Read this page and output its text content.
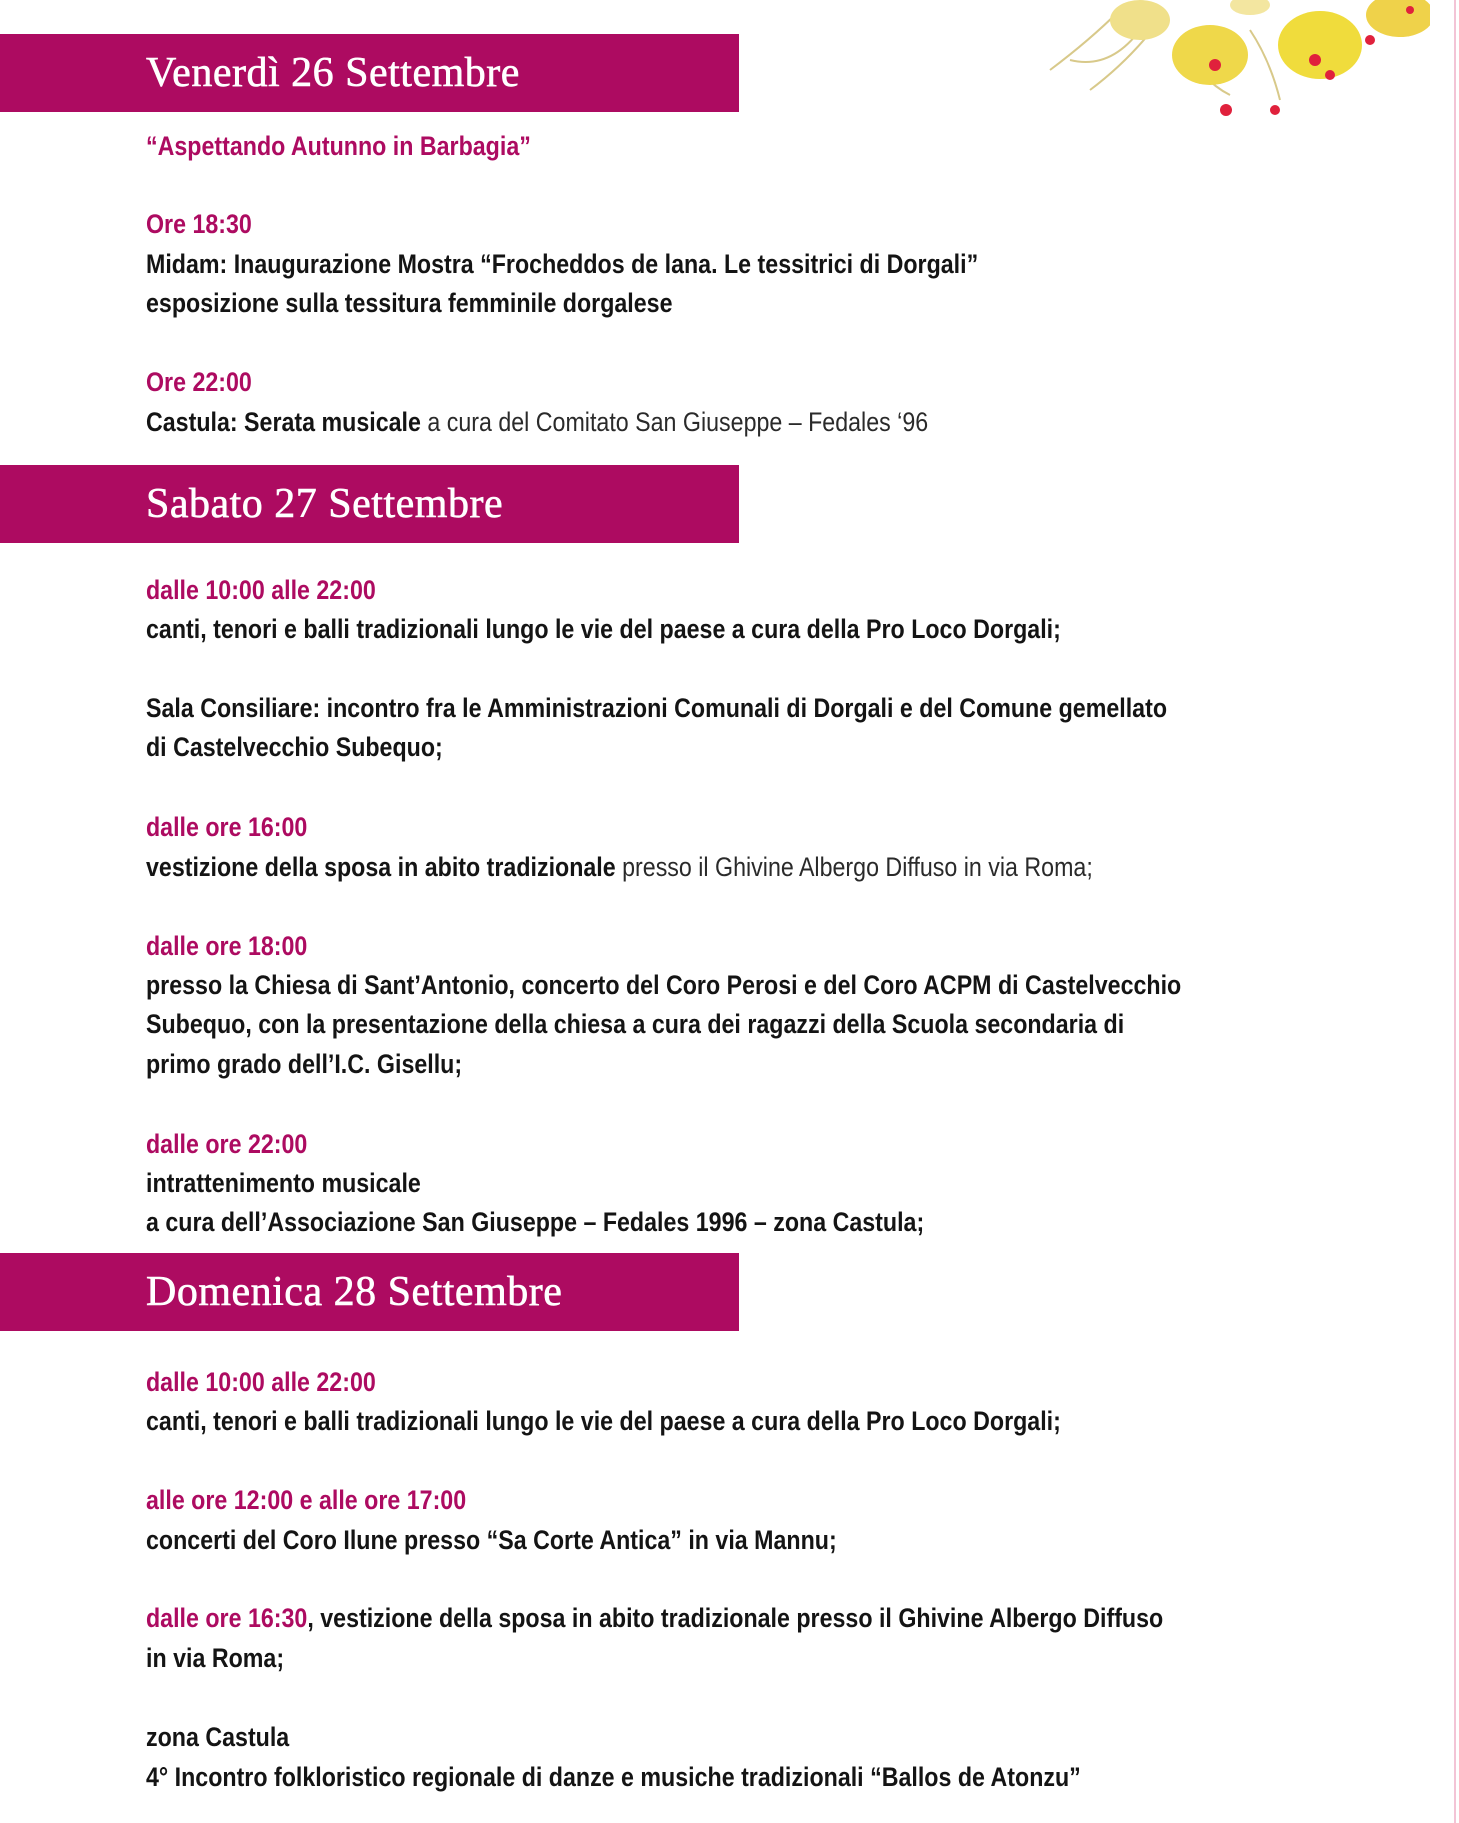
Venerdì 26 Settembre
“Aspettando Autunno in Barbagia”
Ore 18:30
Midam: Inaugurazione Mostra “Frocheddos de lana. Le tessitrici di Dorgali”
esposizione sulla tessitura femminile dorgalese
Ore 22:00
Castula: Serata musicale a cura del Comitato San Giuseppe – Fedales ‘96
Sabato 27 Settembre
dalle 10:00 alle 22:00
canti, tenori e balli tradizionali lungo le vie del paese a cura della Pro Loco Dorgali;
Sala Consiliare: incontro fra le Amministrazioni Comunali di Dorgali e del Comune gemellato
di Castelvecchio Subequo;
dalle ore 16:00
vestizione della sposa in abito tradizionale presso il Ghivine Albergo Diffuso in via Roma;
dalle ore 18:00
presso la Chiesa di Sant’Antonio, concerto del Coro Perosi e del Coro ACPM di Castelvecchio
Subequo, con la presentazione della chiesa a cura dei ragazzi della Scuola secondaria di
primo grado dell’I.C. Gisellu;
dalle ore 22:00
intrattenimento musicale
a cura dell’Associazione San Giuseppe – Fedales 1996 – zona Castula;
Domenica 28 Settembre
dalle 10:00 alle 22:00
canti, tenori e balli tradizionali lungo le vie del paese a cura della Pro Loco Dorgali;
alle ore 12:00 e alle ore 17:00
concerti del Coro Ilune presso “Sa Corte Antica” in via Mannu;
dalle ore 16:30, vestizione della sposa in abito tradizionale presso il Ghivine Albergo Diffuso
in via Roma;
zona Castula
4° Incontro folkloristico regionale di danze e musiche tradizionali “Ballos de Atonzu”
